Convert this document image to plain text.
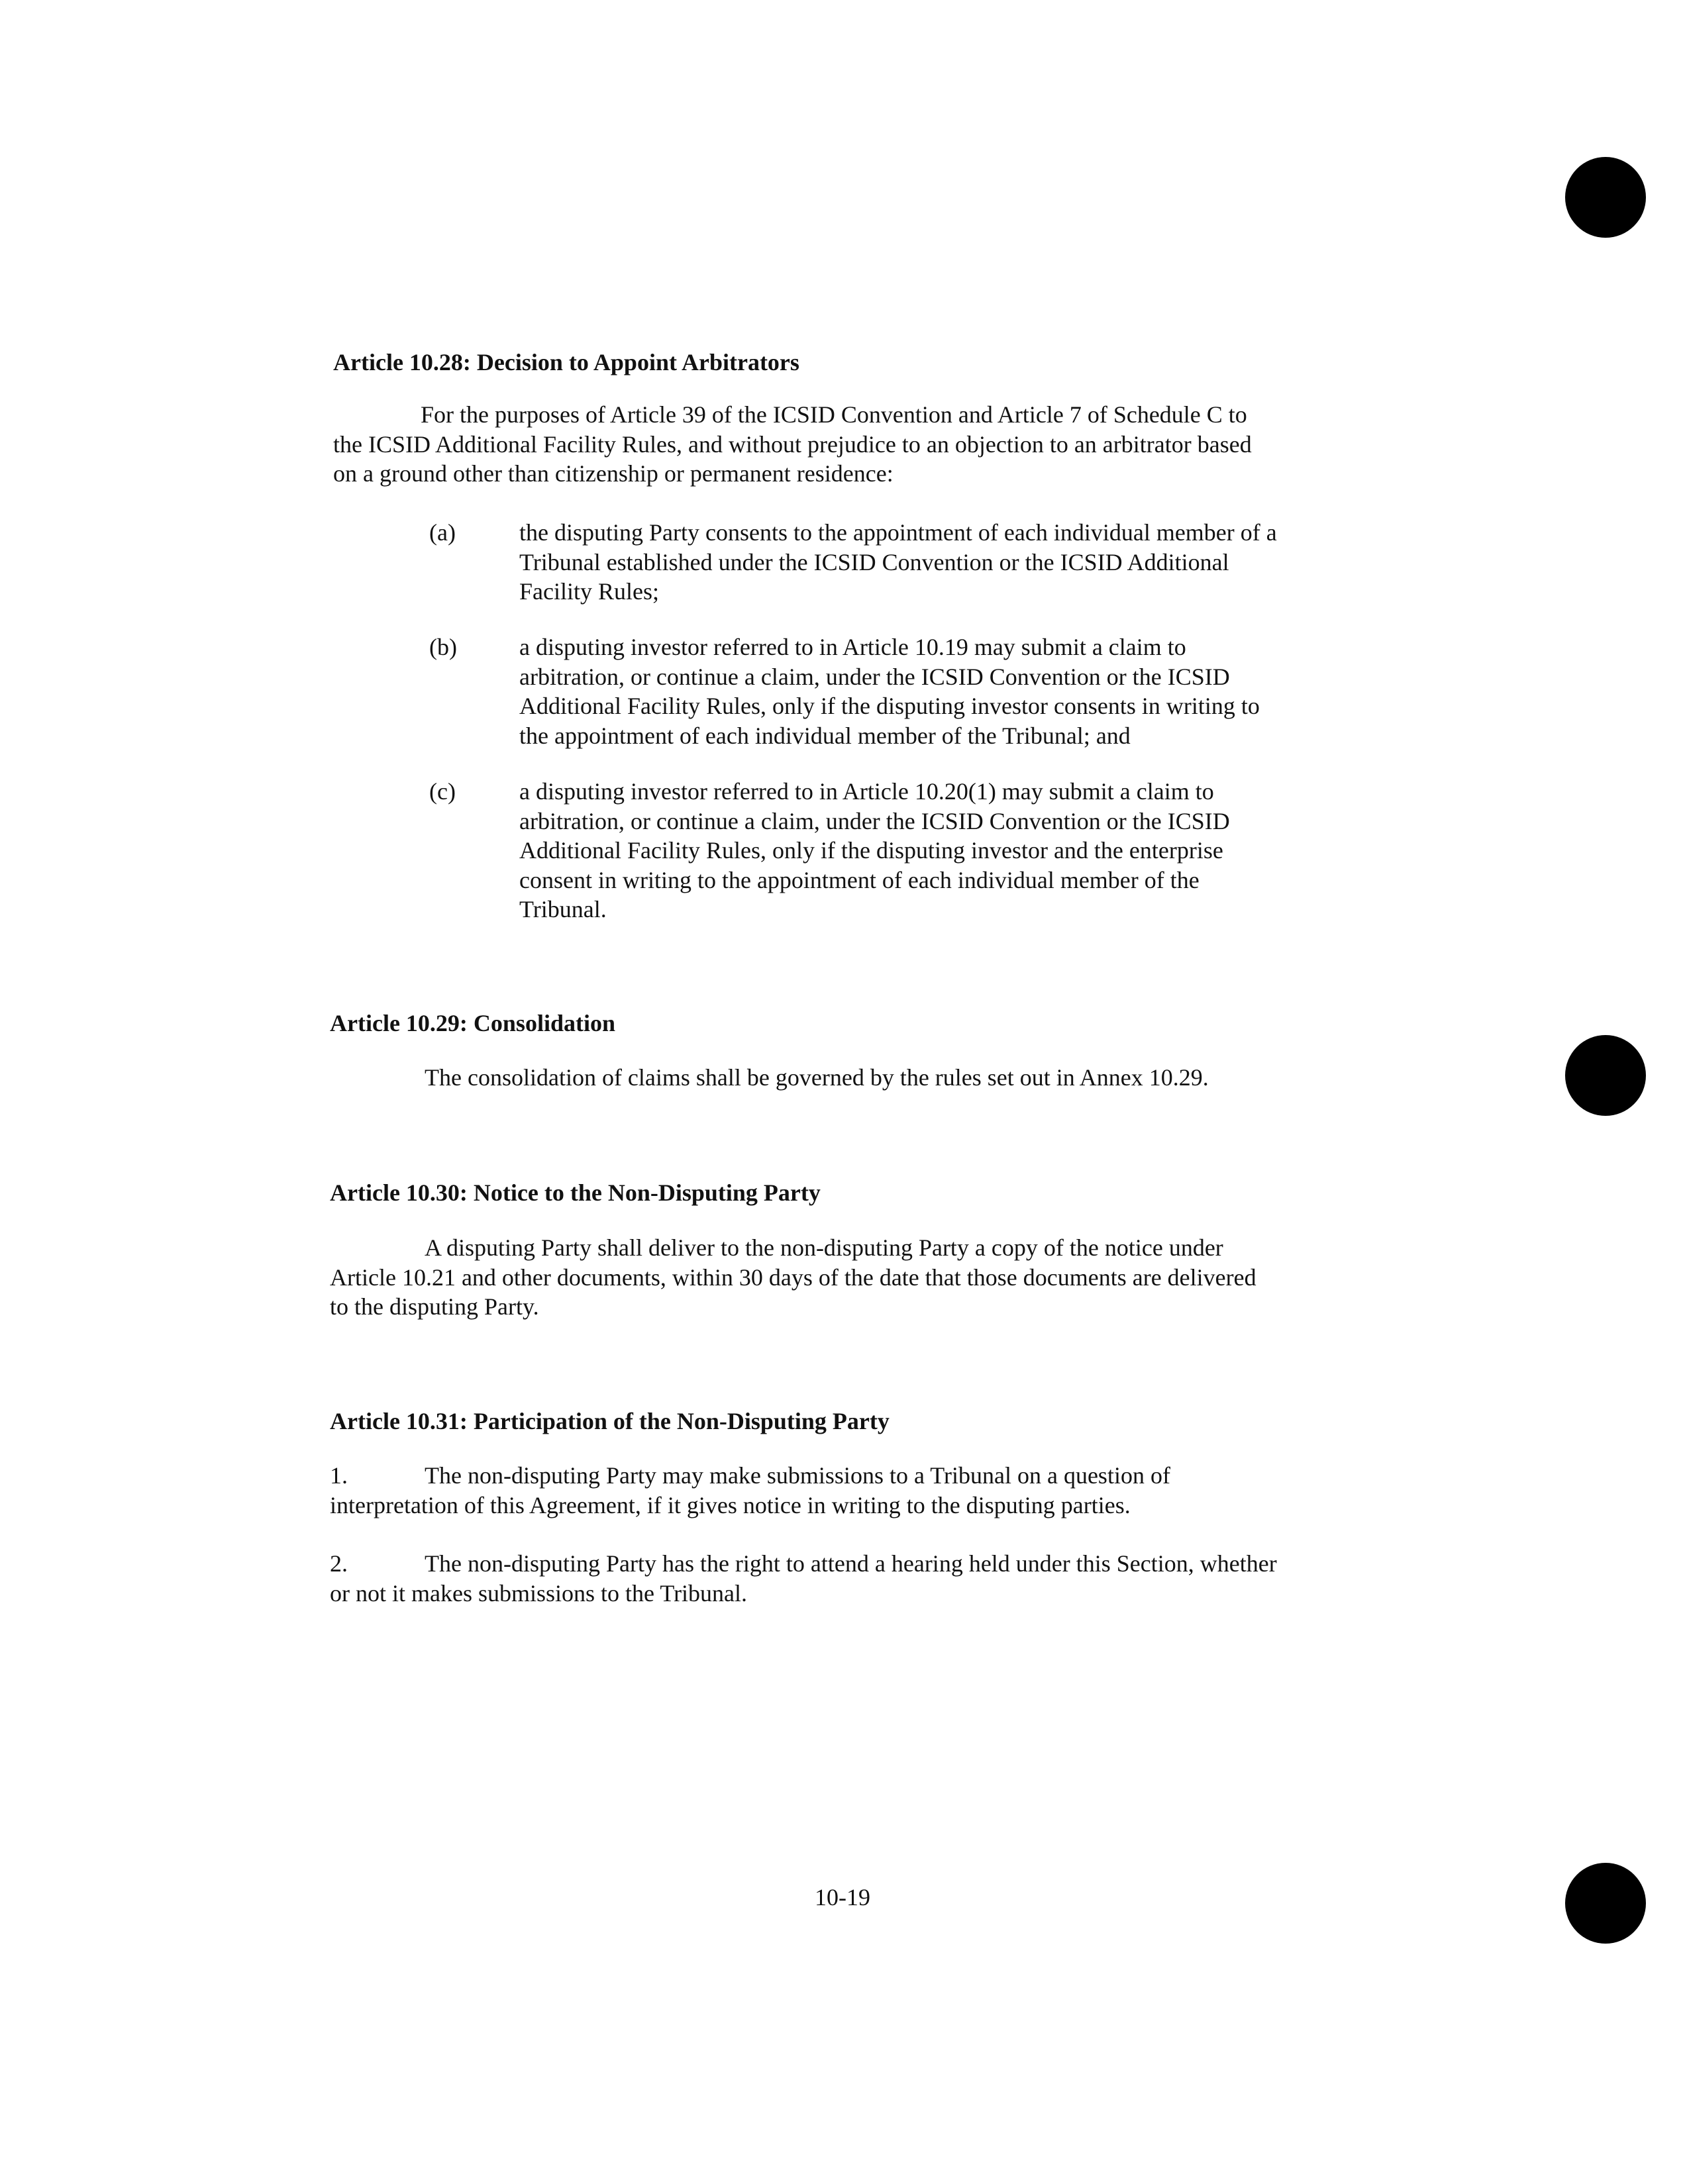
Article 10.28: Decision to Appoint Arbitrators
For the purposes of Article 39 of the ICSID Convention and Article 7 of Schedule C to
the ICSID Additional Facility Rules, and without prejudice to an objection to an arbitrator based
on a ground other than citizenship or permanent residence:
(a)	the disputing Party consents to the appointment of each individual member of a
Tribunal established under the ICSID Convention or the ICSID Additional
Facility Rules;
(b)	a disputing investor referred to in Article 10.19 may submit a claim to
arbitration, or continue a claim, under the ICSID Convention or the ICSID
Additional Facility Rules, only if the disputing investor consents in writing to
the appointment of each individual member of the Tribunal; and
(c)	a disputing investor referred to in Article 10.20(1) may submit a claim to
arbitration, or continue a claim, under the ICSID Convention or the ICSID
Additional Facility Rules, only if the disputing investor and the enterprise
consent in writing to the appointment of each individual member of the
Tribunal.
Article 10.29: Consolidation
The consolidation of claims shall be governed by the rules set out in Annex 10.29.
Article 10.30: Notice to the Non-Disputing Party
A disputing Party shall deliver to the non-disputing Party a copy of the notice under
Article 10.21 and other documents, within 30 days of the date that those documents are delivered
to the disputing Party.
Article 10.31: Participation of the Non-Disputing Party
1.	The non-disputing Party may make submissions to a Tribunal on a question of
interpretation of this Agreement, if it gives notice in writing to the disputing parties.
2.	The non-disputing Party has the right to attend a hearing held under this Section, whether
or not it makes submissions to the Tribunal.
10-19
